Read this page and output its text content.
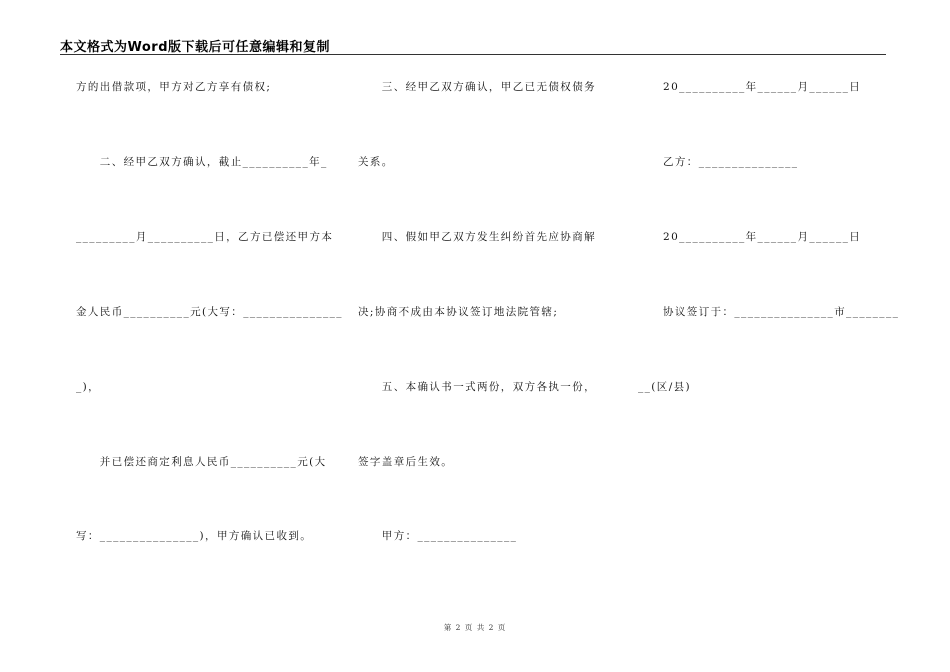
本文格式为Word版下载后可任意编辑和复制
方的出借款项，甲方对乙方享有债权;
　　二、经甲乙双方确认，截止__________年_
_________月__________日，乙方已偿还甲方本
金人民币__________元(大写：_______________
_)，
　　并已偿还商定利息人民币__________元(大
写：_______________)，甲方确认已收到。
　　三、经甲乙双方确认，甲乙已无债权债务
关系。
　　四、假如甲乙双方发生纠纷首先应协商解
决;协商不成由本协议签订地法院管辖;
　　五、本确认书一式两份，双方各执一份，
签字盖章后生效。
　　甲方：_______________
20__________年______月______日
乙方：_______________
20__________年______月______日
协议签订于：_______________市________
__(区/县)
第 2 页 共 2 页
